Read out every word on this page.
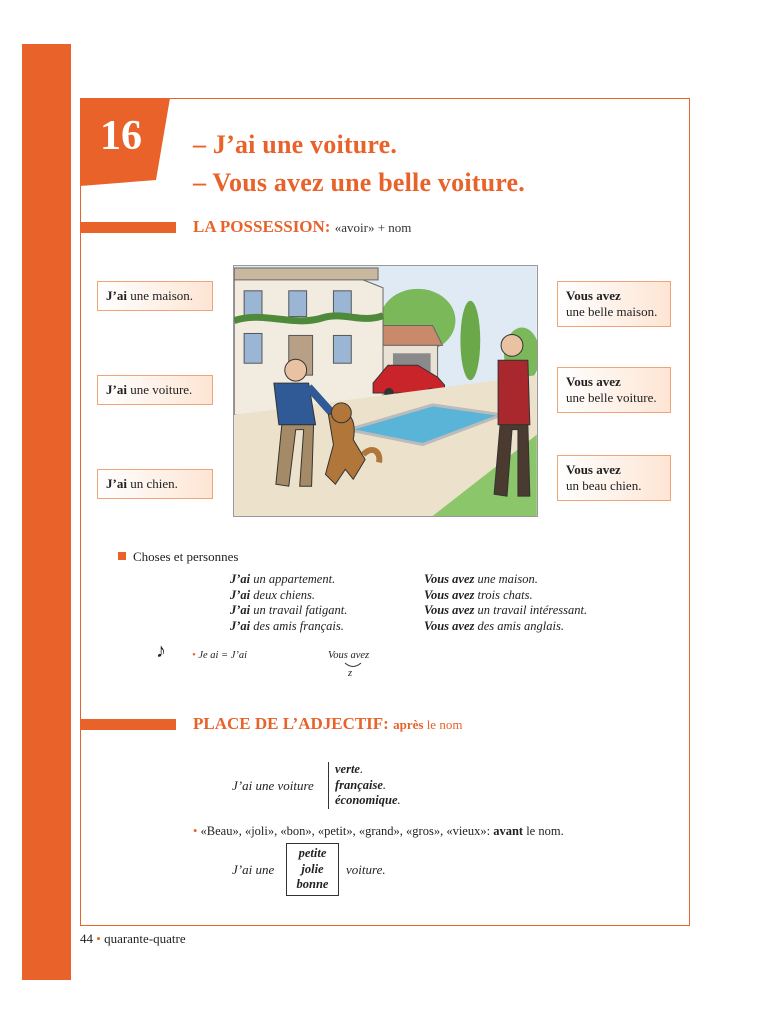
16	– J’ai une voiture.
– Vous avez une belle voiture.
LA POSSESSION: «avoir» + nom
J’ai une maison.
J’ai une voiture.
J’ai un chien.
Vous avez
une belle maison.
Vous avez
une belle voiture.
Vous avez
un beau chien.
Choses et personnes
J’ai un appartement.
J’ai deux chiens.
J’ai un travail fatigant.
J’ai des amis français.
Vous avez une maison.
Vous avez trois chats.
Vous avez un travail intéressant.
Vous avez des amis anglais.
♪ • Je ai = J’ai	Vous avez
z
PLACE DE L’ADJECTIF: après le nom
J’ai une voiture
verte.
française.
économique.
• «Beau», «joli», «bon», «petit», «grand», «gros», «vieux»: avant le nom.
J’ai une
petite
jolie
bonne
voiture.
44 • quarante-quatre
